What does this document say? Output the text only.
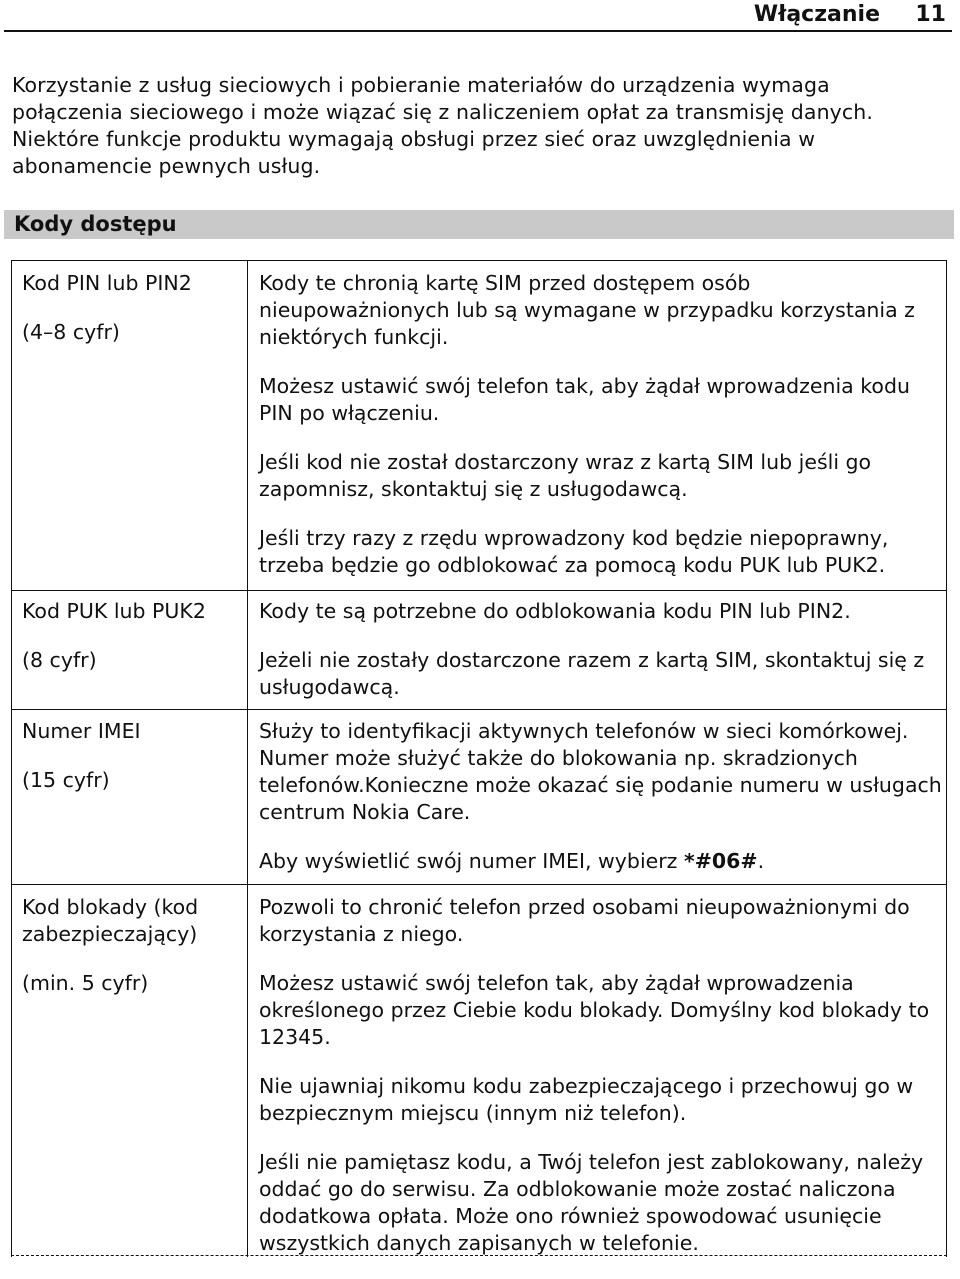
Włączanie 11

Korzystanie z usług sieciowych i pobieranie materiałów do urządzenia wymaga

połączenia sieciowego i może wiązać się z naliczeniem opłat za transmisję danych.

Niektóre funkcje produktu wymagają obsługi przez sieć oraz uwzględnienia w

abonamencie pewnych usług.

Kody dostępu

Kod PIN lub PIN2

(4–8 cyfr)

Kody te chronią kartę SIM przed dostępem osób nieupoważnionych lub są wymagane w przypadku korzystania z niektórych funkcji.

Możesz ustawić swój telefon tak, aby żądał wprowadzenia kodu PIN po włączeniu.

Jeśli kod nie został dostarczony wraz z kartą SIM lub jeśli go zapomnisz, skontaktuj się z usługodawcą.

Jeśli trzy razy z rzędu wprowadzony kod będzie niepoprawny, trzeba będzie go odblokować za pomocą kodu PUK lub PUK2.

Kod PUK lub PUK2

(8 cyfr)

Kody te są potrzebne do odblokowania kodu PIN lub PIN2.

Jeżeli nie zostały dostarczone razem z kartą SIM, skontaktuj się z usługodawcą.

Numer IMEI

(15 cyfr)

Służy to identyfikacji aktywnych telefonów w sieci komórkowej. Numer może służyć także do blokowania np. skradzionych telefonów.Konieczne może okazać się podanie numeru w usługach centrum Nokia Care.

Aby wyświetlić swój numer IMEI, wybierz *#06#.

Kod blokady (kod zabezpieczający)

(min. 5 cyfr)

Pozwoli to chronić telefon przed osobami nieupoważnionymi do korzystania z niego.

Możesz ustawić swój telefon tak, aby żądał wprowadzenia określonego przez Ciebie kodu blokady. Domyślny kod blokady to 12345.

Nie ujawniaj nikomu kodu zabezpieczającego i przechowuj go w bezpiecznym miejscu (innym niż telefon).

Jeśli nie pamiętasz kodu, a Twój telefon jest zablokowany, należy oddać go do serwisu. Za odblokowanie może zostać naliczona dodatkowa opłata. Może ono również spowodować usunięcie wszystkich danych zapisanych w telefonie.
